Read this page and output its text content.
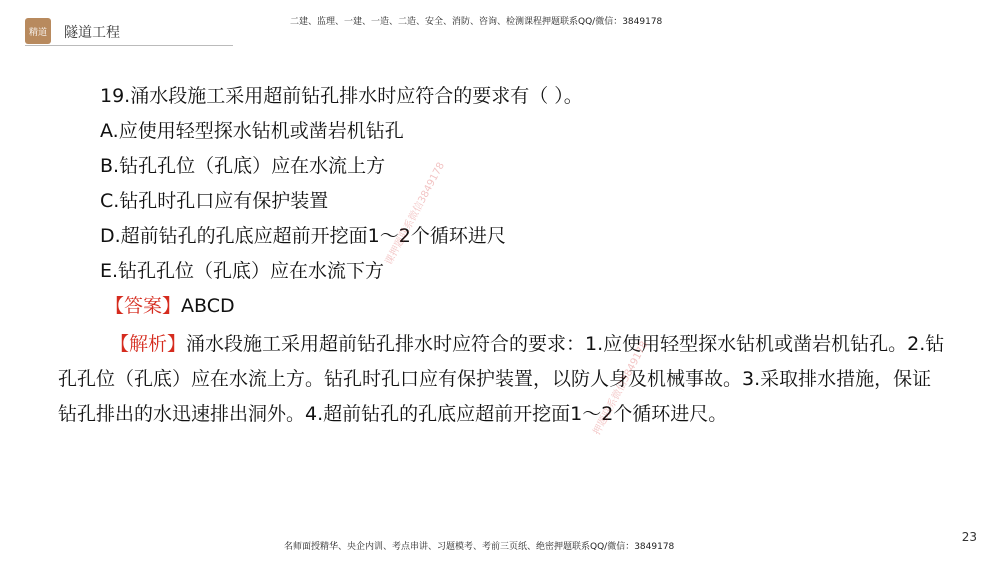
精道 隧道工程
二建、监理、一建、一造、二造、安全、消防、咨询、检测课程押题联系QQ/微信：3849178
19.涌水段施工采用超前钻孔排水时应符合的要求有（ ）。
A.应使用轻型探水钻机或凿岩机钻孔
B.钻孔孔位（孔底）应在水流上方
C.钻孔时孔口应有保护装置
D.超前钻孔的孔底应超前开挖面1～2个循环进尺
E.钻孔孔位（孔底）应在水流下方
【答案】ABCD
【解析】涌水段施工采用超前钻孔排水时应符合的要求：1.应使用轻型探水钻机或凿岩机钻孔。2.钻孔孔位（孔底）应在水流上方。钻孔时孔口应有保护装置，以防人身及机械事故。3.采取排水措施，保证钻孔排出的水迅速排出洞外。4.超前钻孔的孔底应超前开挖面1～2个循环进尺。
课押题联系微信3849178
押题联系微信3849178
23
名师面授精华、央企内训、考点串讲、习题模考、考前三页纸、绝密押题联系QQ/微信：3849178
